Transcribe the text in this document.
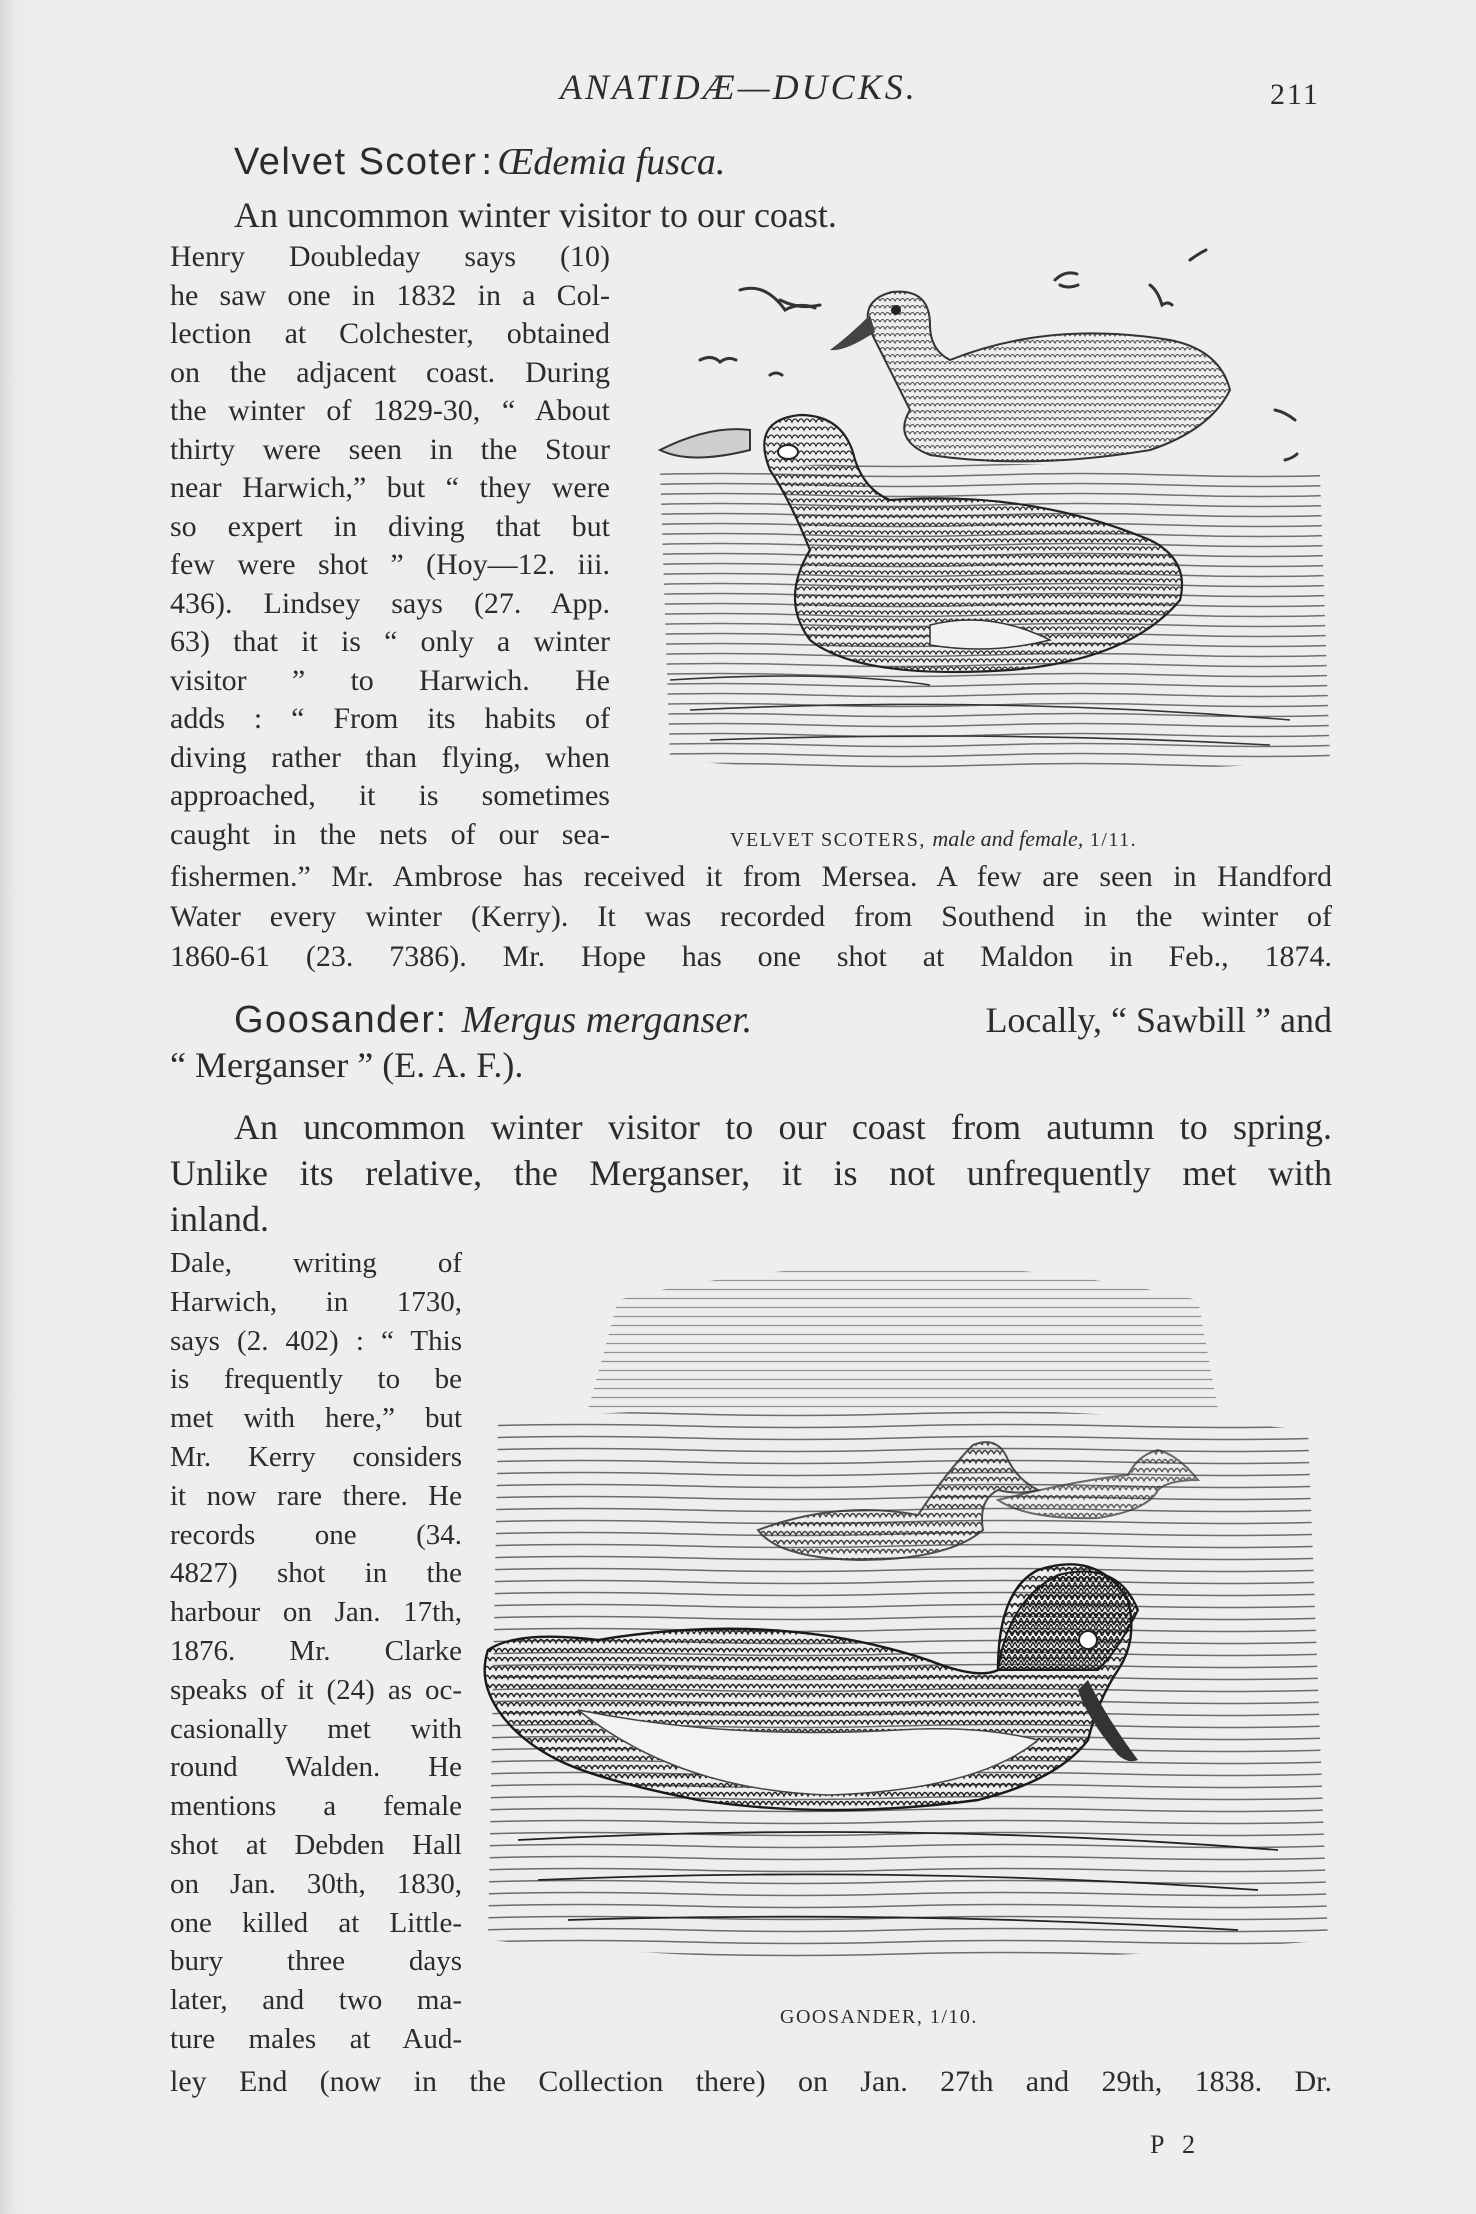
ANATIDÆ—DUCKS.	211
Velvet Scoter : Œdemia fusca.
An uncommon winter visitor to our coast.
Henry Doubleday says (10)
he saw one in 1832 in a Col-
lection at Colchester, obtained
on the adjacent coast. During
the winter of 1829-30, “ About
thirty were seen in the Stour
near Harwich,” but “ they were
so expert in diving that but
few were shot ” (Hoy—12. iii.
436). Lindsey says (27. App.
63) that it is “ only a winter
visitor ” to Harwich. He
adds : “ From its habits of
diving rather than flying, when
approached, it is sometimes
caught in the nets of our sea-	VELVET SCOTERS, male and female, 1/11.
fishermen.” Mr. Ambrose has received it from Mersea. A few are seen in Handford
Water every winter (Kerry). It was recorded from Southend in the winter of
1860-61 (23. 7386). Mr. Hope has one shot at Maldon in Feb., 1874.
Goosander: Mergus merganser.	Locally, “ Sawbill ” and
“ Merganser ” (E. A. F.).
An uncommon winter visitor to our coast from autumn to spring.
Unlike its relative, the Merganser, it is not unfrequently met with
inland.
Dale, writing of
Harwich, in 1730,
says (2. 402) : “ This
is frequently to be
met with here,” but
Mr. Kerry considers
it now rare there. He
records one (34.
4827) shot in the
harbour on Jan. 17th,
1876. Mr. Clarke
speaks of it (24) as oc-
casionally met with
round Walden. He
mentions a female
shot at Debden Hall
on Jan. 30th, 1830,
one killed at Little-
bury three days
later, and two ma-
ture males at Aud-
GOOSANDER, 1/10.
ley End (now in the Collection there) on Jan. 27th and 29th, 1838. Dr.
P 2
